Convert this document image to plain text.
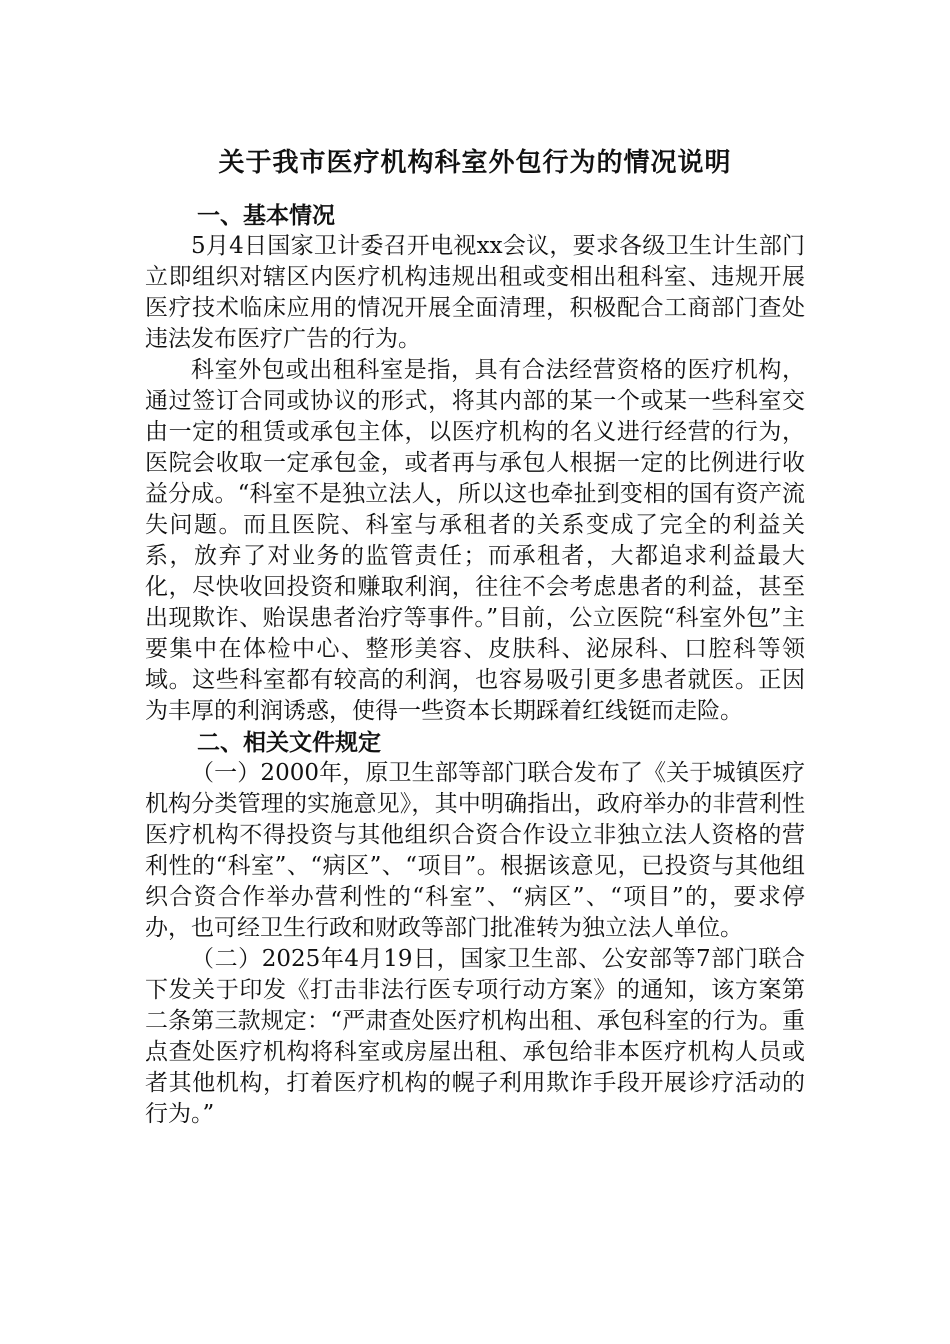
关于我市医疗机构科室外包行为的情况说明
一、基本情况

5月4日国家卫计委召开电视xx会议，要求各级卫生计生部门立即组织对辖区内医疗机构违规出租或变相出租科室、违规开展医疗技术临床应用的情况开展全面清理，积极配合工商部门查处违法发布医疗广告的行为。

科室外包或出租科室是指，具有合法经营资格的医疗机构，通过签订合同或协议的形式，将其内部的某一个或某一些科室交由一定的租赁或承包主体，以医疗机构的名义进行经营的行为，医院会收取一定承包金，或者再与承包人根据一定的比例进行收益分成。“科室不是独立法人，所以这也牵扯到变相的国有资产流失问题。而且医院、科室与承租者的关系变成了完全的利益关系，放弃了对业务的监管责任；而承租者，大都追求利益最大化，尽快收回投资和赚取利润，往往不会考虑患者的利益，甚至出现欺诈、贻误患者治疗等事件。”目前，公立医院“科室外包”主要集中在体检中心、整形美容、皮肤科、泌尿科、口腔科等领域。这些科室都有较高的利润，也容易吸引更多患者就医。正因为丰厚的利润诱惑，使得一些资本长期踩着红线铤而走险。

二、相关文件规定

（一）2000年，原卫生部等部门联合发布了《关于城镇医疗机构分类管理的实施意见》，其中明确指出，政府举办的非营利性医疗机构不得投资与其他组织合资合作设立非独立法人资格的营利性的“科室”、“病区”、“项目”。根据该意见，已投资与其他组织合资合作举办营利性的“科室”、“病区”、“项目”的，要求停办，也可经卫生行政和财政等部门批准转为独立法人单位。

（二）2025年4月19日，国家卫生部、公安部等7部门联合下发关于印发《打击非法行医专项行动方案》的通知，该方案第二条第三款规定：“严肃查处医疗机构出租、承包科室的行为。重点查处医疗机构将科室或房屋出租、承包给非本医疗机构人员或者其他机构，打着医疗机构的幌子利用欺诈手段开展诊疗活动的行为。”
